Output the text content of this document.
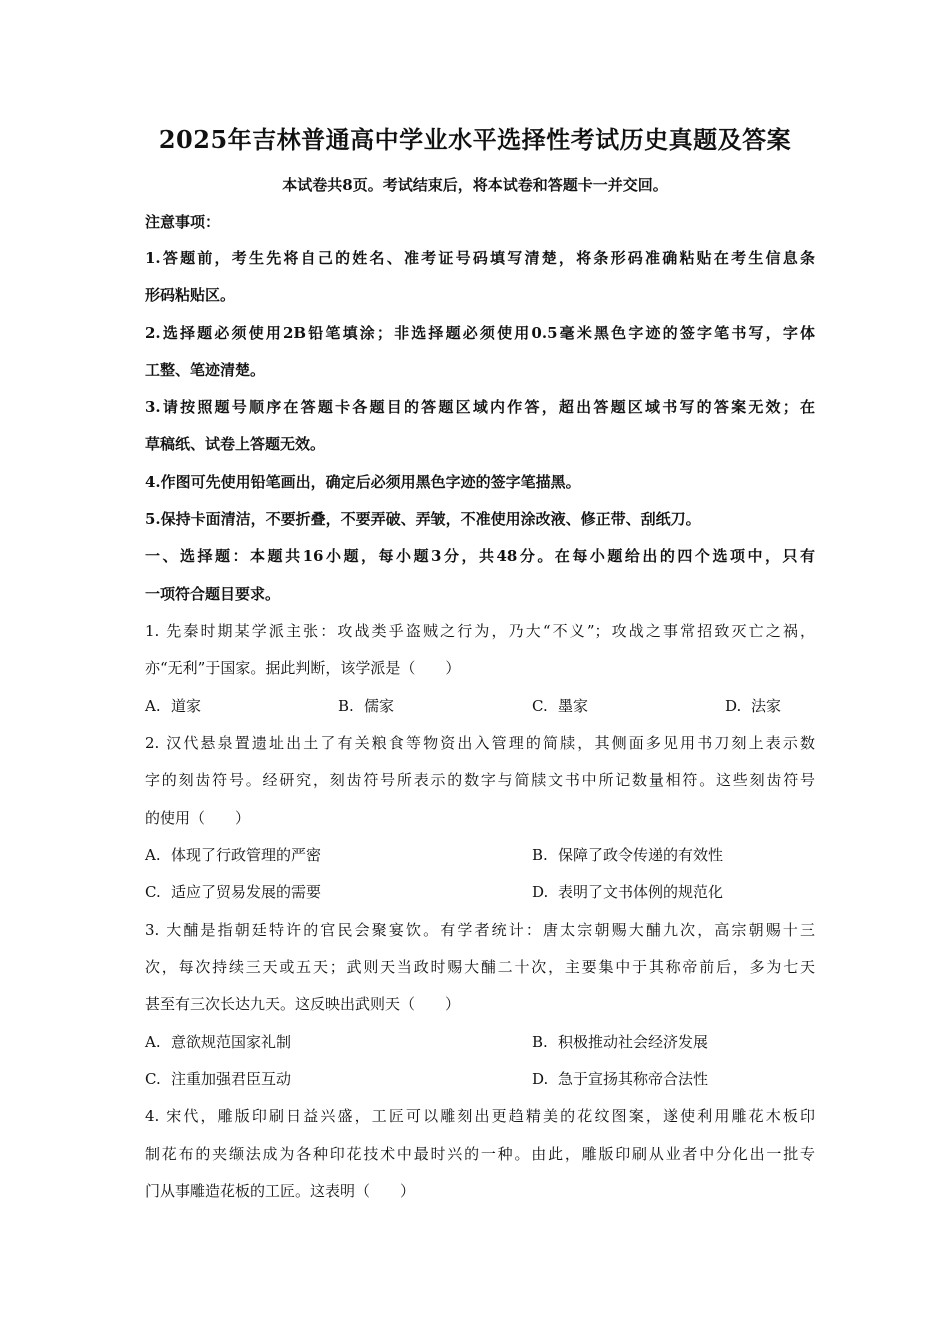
2025年吉林普通高中学业水平选择性考试历史真题及答案
本试卷共8页。考试结束后，将本试卷和答题卡一并交回。
注意事项：
1.答题前，考生先将自己的姓名、准考证号码填写清楚，将条形码准确粘贴在考生信息条
形码粘贴区。
2.选择题必须使用2B铅笔填涂；非选择题必须使用0.5毫米黑色字迹的签字笔书写，字体
工整、笔迹清楚。
3.请按照题号顺序在答题卡各题目的答题区域内作答，超出答题区域书写的答案无效；在
草稿纸、试卷上答题无效。
4.作图可先使用铅笔画出，确定后必须用黑色字迹的签字笔描黑。
5.保持卡面清洁，不要折叠，不要弄破、弄皱，不准使用涂改液、修正带、刮纸刀。
一、选择题：本题共16小题，每小题3分，共48分。在每小题给出的四个选项中，只有
一项符合题目要求。
1. 先秦时期某学派主张：攻战类乎盗贼之行为，乃大“不义”；攻战之事常招致灭亡之祸，
亦“无利”于国家。据此判断，该学派是（　　）
A. 道家	B. 儒家	C. 墨家	D. 法家
2. 汉代悬泉置遗址出土了有关粮食等物资出入管理的简牍，其侧面多见用书刀刻上表示数
字的刻齿符号。经研究，刻齿符号所表示的数字与简牍文书中所记数量相符。这些刻齿符号
的使用（　　）
A. 体现了行政管理的严密	B. 保障了政令传递的有效性
C. 适应了贸易发展的需要	D. 表明了文书体例的规范化
3. 大酺是指朝廷特许的官民会聚宴饮。有学者统计：唐太宗朝赐大酺九次，高宗朝赐十三
次，每次持续三天或五天；武则天当政时赐大酺二十次，主要集中于其称帝前后，多为七天
甚至有三次长达九天。这反映出武则天（　　）
A. 意欲规范国家礼制	B. 积极推动社会经济发展
C. 注重加强君臣互动	D. 急于宣扬其称帝合法性
4. 宋代，雕版印刷日益兴盛，工匠可以雕刻出更趋精美的花纹图案，遂使利用雕花木板印
制花布的夹缬法成为各种印花技术中最时兴的一种。由此，雕版印刷从业者中分化出一批专
门从事雕造花板的工匠。这表明（　　）
